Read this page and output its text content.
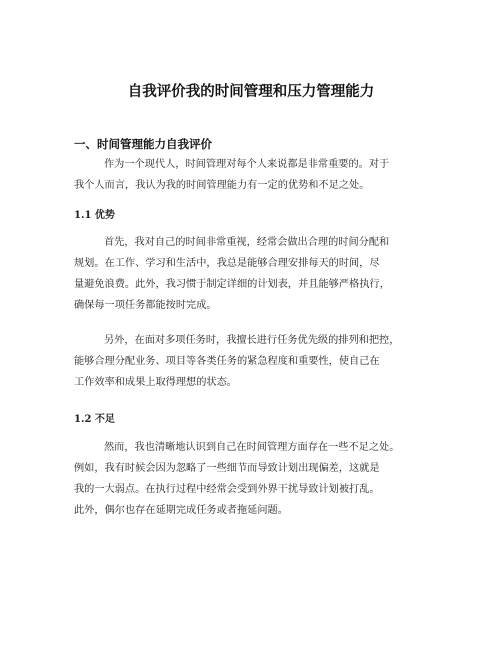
自我评价我的时间管理和压力管理能力
一、时间管理能力自我评价
作为一个现代人，时间管理对每个人来说都是非常重要的。对于
我个人而言，我认为我的时间管理能力有一定的优势和不足之处。
1.1 优势
首先，我对自己的时间非常重视，经常会做出合理的时间分配和
规划。在工作、学习和生活中，我总是能够合理安排每天的时间，尽
量避免浪费。此外，我习惯于制定详细的计划表，并且能够严格执行，
确保每一项任务都能按时完成。
另外，在面对多项任务时，我擅长进行任务优先级的排列和把控，
能够合理分配业务、项目等各类任务的紧急程度和重要性，使自己在
工作效率和成果上取得理想的状态。
1.2 不足
然而，我也清晰地认识到自己在时间管理方面存在一些不足之处。
例如，我有时候会因为忽略了一些细节而导致计划出现偏差，这就是
我的一大弱点。在执行过程中经常会受到外界干扰导致计划被打乱。
此外，偶尔也存在延期完成任务或者拖延问题。
